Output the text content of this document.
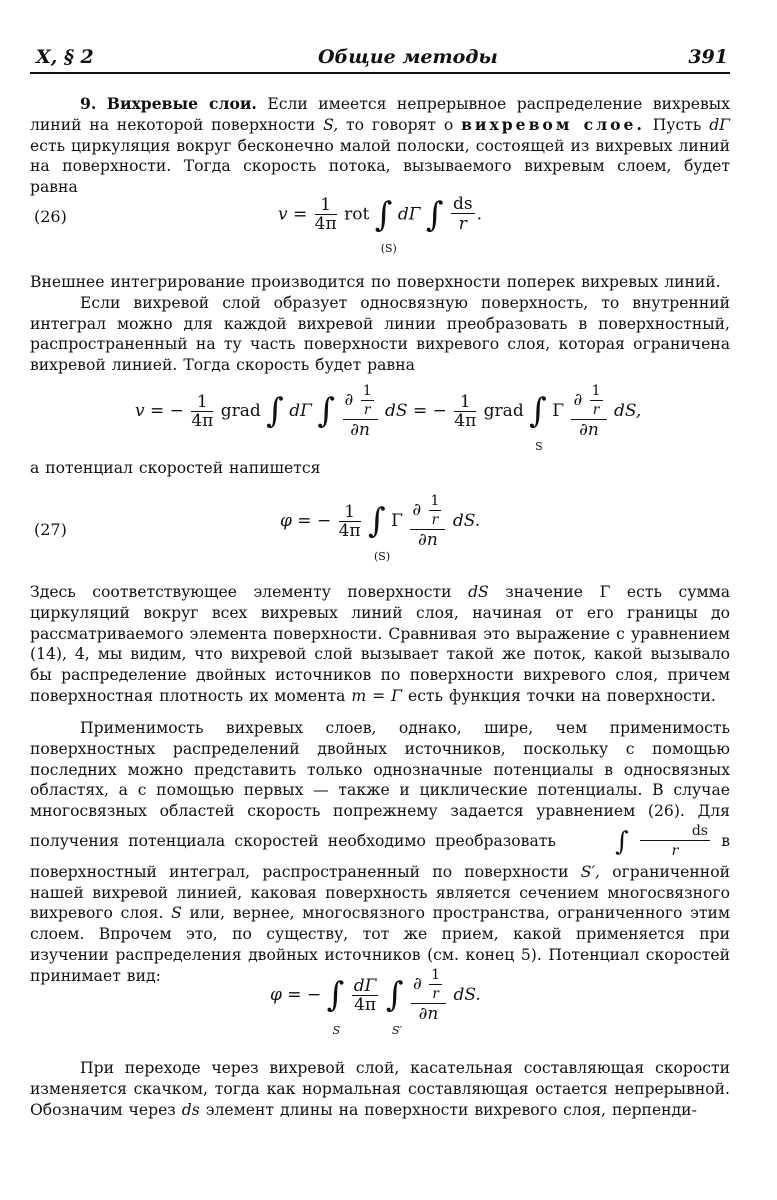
X, § 2	Общие методы	391

9. Вихревые слои. Если имеется непрерывное распределение вихревых линий на некоторой поверхности S, то говорят о вихревом слое. Пусть dΓ есть циркуляция вокруг бесконечно малой полоски, состоящей из вихревых линий на поверхности. Тогда скорость потока, вызываемого вихревым слоем, будет равна

(26)	$v = \frac{1}{4\pi}$ rot ∫
(S)
dΓ ∫ $\frac{ds}{r}$ .

Внешнее интегрирование производится по поверхности поперек вихревых линий.

Если вихревой слой образует односвязную поверхность, то внутренний интеграл можно для каждой вихревой линии преобразовать в поверхностный, распространенный на ту часть поверхности вихревого слоя, которая ограничена вихревой линией. Тогда скорость будет равна

v = − $\frac{1}{4\pi}$ grad ∫ dΓ ∫ $\frac{\partial \frac{1}{r}}{\partial n}$ dS = − $\frac{1}{4\pi}$ grad ∫
S
Γ $\frac{\partial \frac{1}{r}}{\partial n}$ dS,

а потенциал скоростей напишется

(27)	φ = − $\frac{1}{4\pi}$ ∫
(S)
Γ $\frac{\partial \frac{1}{r}}{\partial n}$ dS.

Здесь соответствующее элементу поверхности dS значение Γ есть сумма циркуляций вокруг всех вихревых линий слоя, начиная от его границы до рассматриваемого элемента поверхности. Сравнивая это выражение с уравнением (14), 4, мы видим, что вихревой слой вызывает такой же поток, какой вызывало бы распределение двойных источников по поверхности вихревого слоя, причем поверхностная плотность их момента m = Γ есть функция точки на поверхности.

Применимость вихревых слоев, однако, шире, чем применимость поверхностных распределений двойных источников, поскольку с помощью последних можно представить только однозначные потенциалы в односвязных областях, а с помощью первых — также и циклические потенциалы. В случае многосвязных областей скорость попрежнему задается уравнением (26). Для получения потенциала скоростей необходимо преобразовать ∫ $\frac{ds}{r}$ в поверхностный интеграл, распространенный по поверхности S′, ограниченной нашей вихревой линией, каковая поверхность является сечением многосвязного вихревого слоя. S или, вернее, многосвязного пространства, ограниченного этим слоем. Впрочем это, по существу, тот же прием, какой применяется при изучении распределения двойных источников (см. конец 5). Потенциал скоростей принимает вид:

φ = − ∫
S

$\frac{d\Gamma}{4\pi}$ ∫
S′

$\frac{\partial \frac{1}{r}}{\partial n}$ dS.

При переходе через вихревой слой, касательная составляющая скорости изменяется скачком, тогда как нормальная составляющая остается непрерывной. Обозначим через ds элемент длины на поверхности вихревого слоя, перпенди-
